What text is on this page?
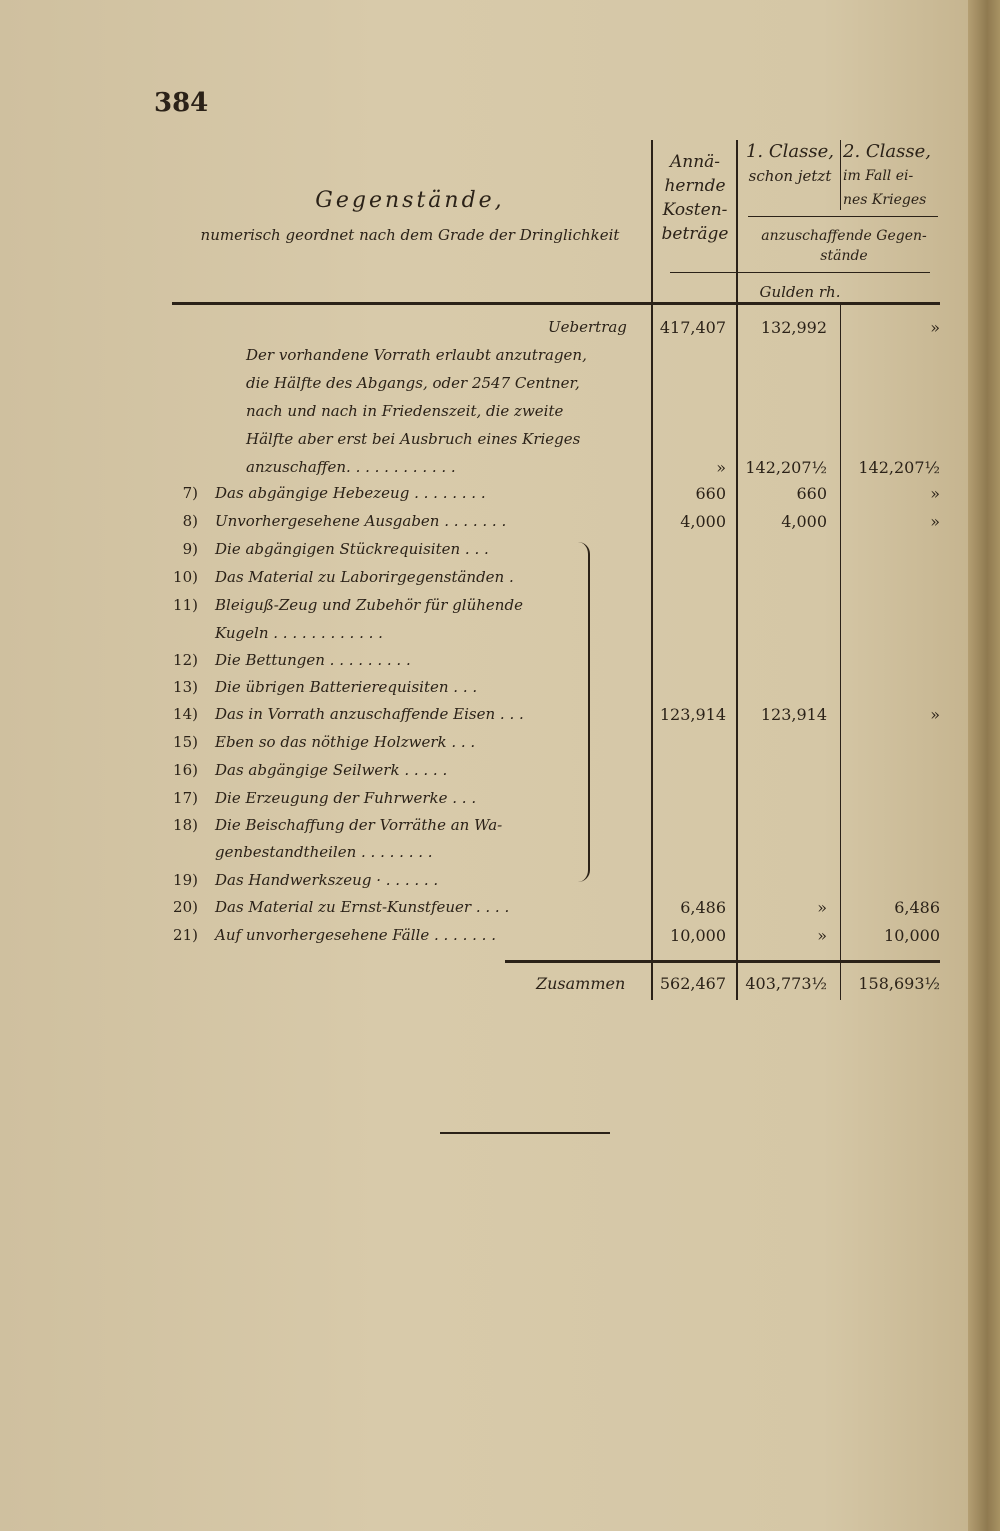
384
Gegenstände,
numerisch geordnet nach dem Grade der Dringlichkeit
Annä-
hernde
Kosten-
beträge
1. Classe,
schon jetzt
2. Classe,
im Fall ei-
nes Krieges
anzuschaffende Gegen-
stände
Gulden rh.
Uebertrag 417,407	132,992	»
Der vorhandene Vorrath erlaubt anzutragen,
die Hälfte des Abgangs, oder 2547 Centner,
nach und nach in Friedenszeit, die zweite
Hälfte aber erst bei Ausbruch eines Krieges
anzuschaffen. . . . . . . . . . . .	» 142,207½	142,207½
7) Das abgängige Hebezeug . . . . . . . .	660	660	»
8) Unvorhergesehene Ausgaben . . . . . . .	4,000	4,000	»
9) Die abgängigen Stückrequisiten . . .
10) Das Material zu Laborirgegenständen .
11) Bleiguß-Zeug und Zubehör für glühende
Kugeln . . . . . . . . . . . .
12) Die Bettungen . . . . . . . . .
13) Die übrigen Batterierequisiten . . .
14) Das in Vorrath anzuschaffende Eisen . . .	123,914	123,914	»
15) Eben so das nöthige Holzwerk . . .
16) Das abgängige Seilwerk . . . . .
17) Die Erzeugung der Fuhrwerke . . .
18) Die Beischaffung der Vorräthe an Wa-
genbestandtheilen . . . . . . . .
19) Das Handwerkszeug · . . . . . .
20) Das Material zu Ernst-Kunstfeuer . . . .	6,486	»	6,486
21) Auf unvorhergesehene Fälle . . . . . . .	10,000	»	10,000
Zusammen 562,467 403,773½	158,693½
